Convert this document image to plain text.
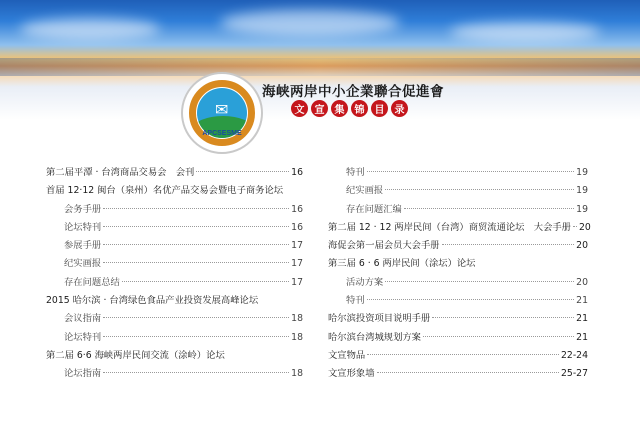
✉
APCSESME
海峡两岸中小企業聯合促進會
文	宣	集	锦	目	录
第二届平潭 · 台湾商品交易会　会刊	16
首届 12·12 闽台（泉州）名优产品交易会暨电子商务论坛
会务手册	16
论坛特刊	16
参展手册	17
纪实画报	17
存在问题总结	17
2015 哈尔滨 · 台湾绿色食品产业投资发展高峰论坛
会议指南	18
论坛特刊	18
第二届 6·6 海峡两岸民间交流（涂岭）论坛
论坛指南	18
特刊	19
纪实画报	19
存在问题汇编	19
第二届 12 · 12 两岸民间（台湾）商贸流通论坛　大会手册 20
海促会第一届会员大会手册	20
第三届 6 · 6 两岸民间（涂坛）论坛
活动方案	20
特刊	21
哈尔滨投资项目说明手册	21
哈尔滨台湾城规划方案	21
文宣物品	22-24
文宣形象墙	25-27
